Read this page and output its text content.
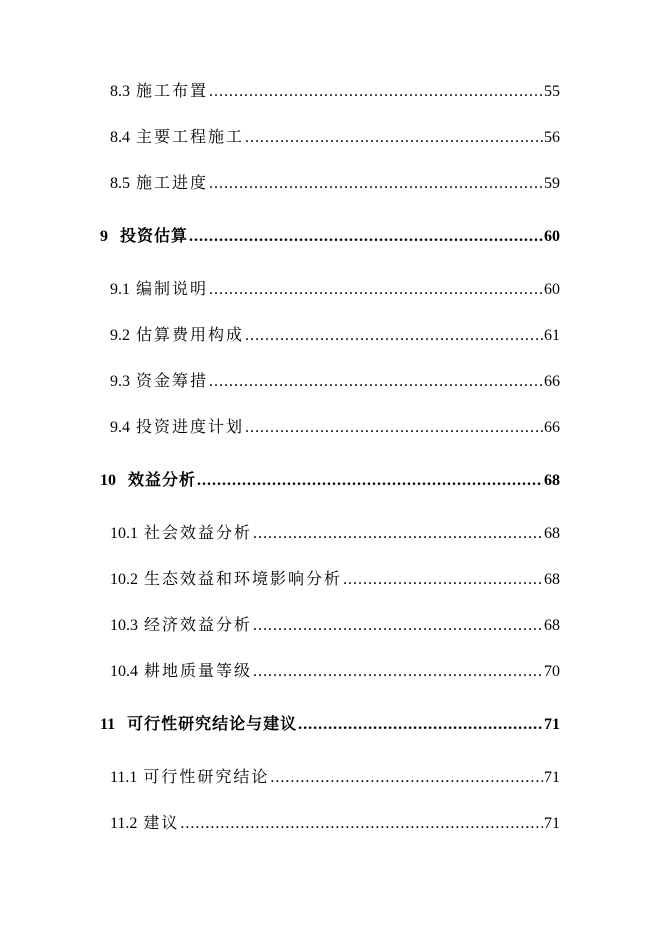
8.3 施工布置 .....	55
8.4 主要工程施工 .....	56
8.5 施工进度 .....	59
9 投资估算 .....	60
9.1 编制说明 .....	60
9.2 估算费用构成 .....	61
9.3 资金筹措 .....	66
9.4 投资进度计划 .....	66
10 效益分析 .....	68
10.1 社会效益分析 .....	68
10.2 生态效益和环境影响分析 .....	68
10.3 经济效益分析 .....	68
10.4 耕地质量等级 .....	70
11 可行性研究结论与建议 .....	71
11.1 可行性研究结论 .....	71
11.2 建议 .....	71
